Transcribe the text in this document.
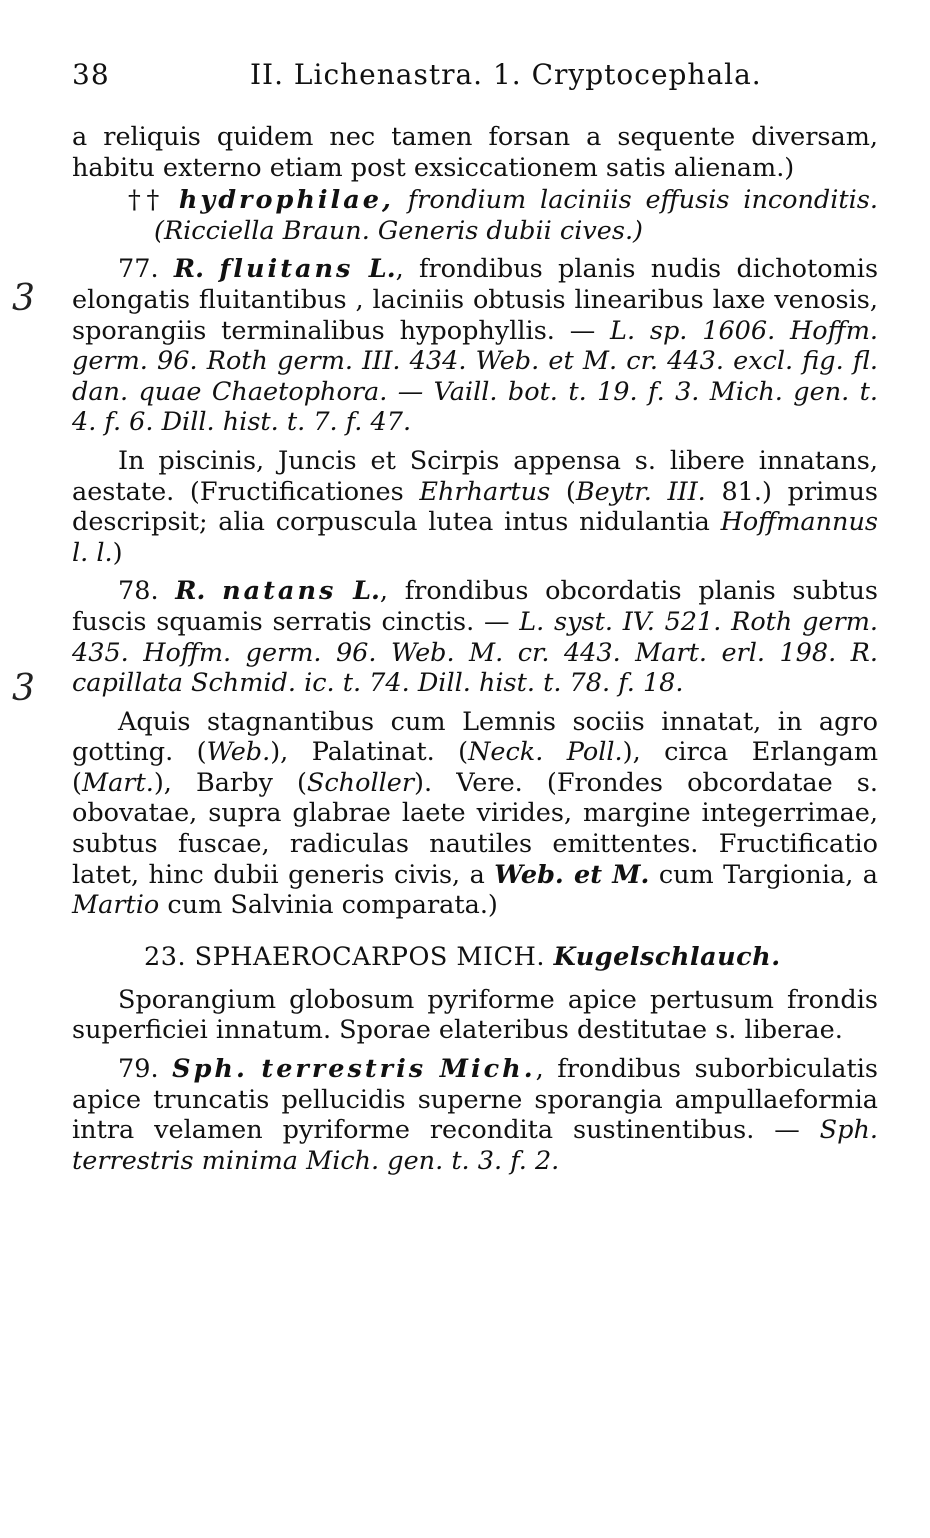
38	II. Lichenastra. 1. Cryptocephala.
3
3

a reliquis quidem nec tamen forsan a sequente diversam, habitu externo etiam post exsiccationem satis alienam.)

†† hydrophilae, frondium laciniis effusis inconditis. (Ricciella Braun. Generis dubii cives.)

77. R. fluitans L., frondibus planis nudis dichotomis elongatis fluitantibus , laciniis obtusis linearibus laxe venosis, sporangiis terminalibus hypophyllis. — L. sp. 1606. Hoffm. germ. 96. Roth germ. III. 434. Web. et M. cr. 443. excl. fig. fl. dan. quae Chaetophora. — Vaill. bot. t. 19. f. 3. Mich. gen. t. 4. f. 6. Dill. hist. t. 7. f. 47.

In piscinis, Juncis et Scirpis appensa s. libere innatans, aestate. (Fructificationes Ehrhartus (Beytr. III. 81.) primus descripsit; alia corpuscula lutea intus nidulantia Hoffmannus l. l.)

78. R. natans L., frondibus obcordatis planis subtus fuscis squamis serratis cinctis. — L. syst. IV. 521. Roth germ. 435. Hoffm. germ. 96. Web. M. cr. 443. Mart. erl. 198. R. capillata Schmid. ic. t. 74. Dill. hist. t. 78. f. 18.

Aquis stagnantibus cum Lemnis sociis innatat, in agro gotting. (Web.), Palatinat. (Neck. Poll.), circa Erlangam (Mart.), Barby (Scholler). Vere. (Frondes obcordatae s. obovatae, supra glabrae laete virides, margine integerrimae, subtus fuscae, radiculas nautiles emittentes. Fructificatio latet, hinc dubii generis civis, a Web. et M. cum Targionia, a Martio cum Salvinia comparata.)

23. SPHAEROCARPOS MICH. Kugelschlauch.

Sporangium globosum pyriforme apice pertusum frondis superficiei innatum. Sporae elateribus destitutae s. liberae.

79. Sph. terrestris Mich., frondibus suborbiculatis apice truncatis pellucidis superne sporangia ampullaeformia intra velamen pyriforme recondita sustinentibus. — Sph. terrestris minima Mich. gen. t. 3. f. 2.
